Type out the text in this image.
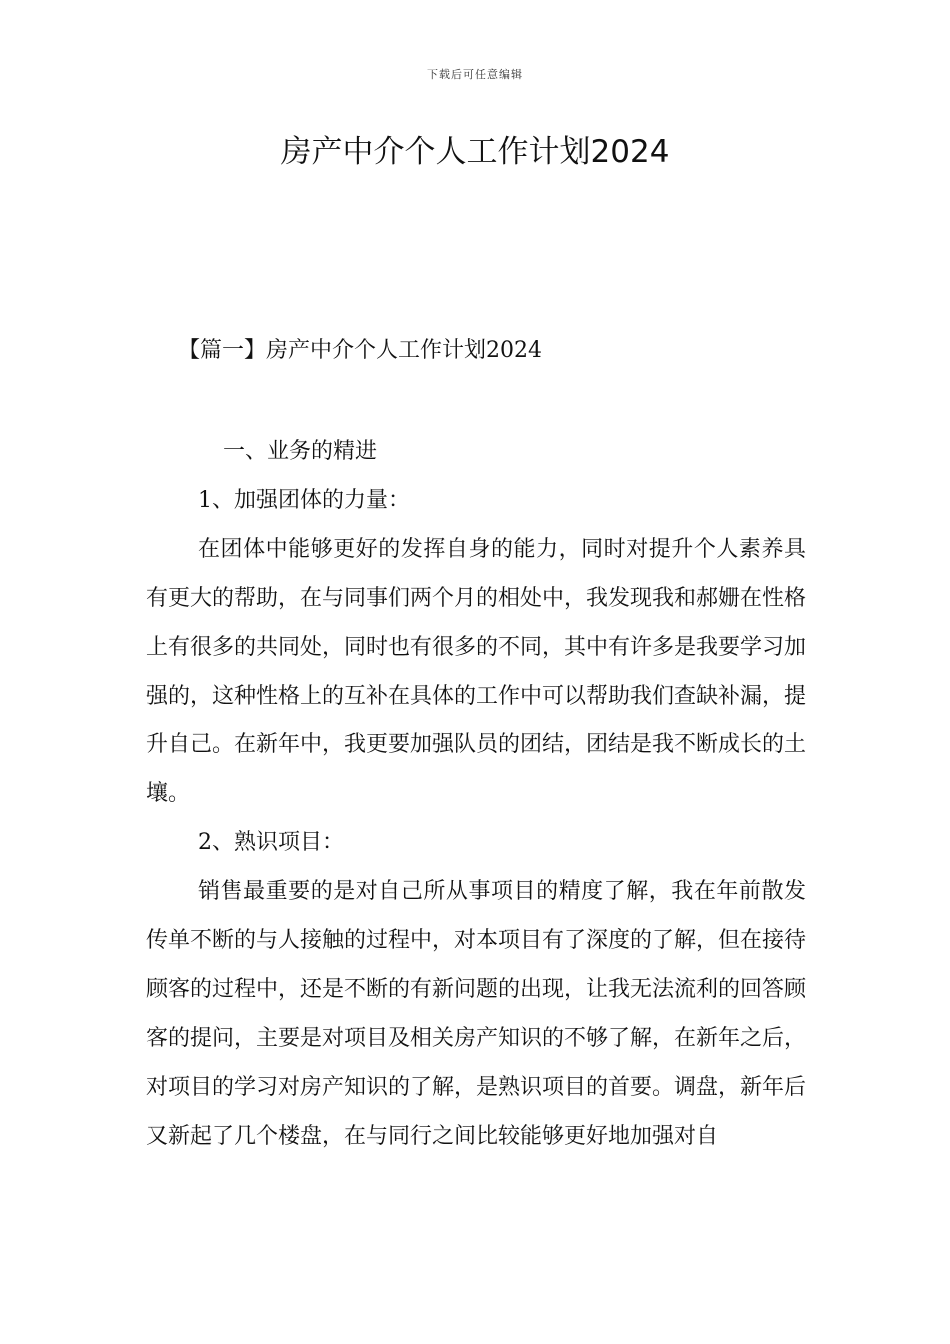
下载后可任意编辑
房产中介个人工作计划2024
【篇一】房产中介个人工作计划2024

一、业务的精进

1、加强团体的力量：

在团体中能够更好的发挥自身的能力，同时对提升个人素养具有更大的帮助，在与同事们两个月的相处中，我发现我和郝姗在性格上有很多的共同处，同时也有很多的不同，其中有许多是我要学习加强的，这种性格上的互补在具体的工作中可以帮助我们查缺补漏，提升自己。在新年中，我更要加强队员的团结，团结是我不断成长的土壤。

2、熟识项目：

销售最重要的是对自己所从事项目的精度了解，我在年前散发传单不断的与人接触的过程中，对本项目有了深度的了解，但在接待顾客的过程中，还是不断的有新问题的出现，让我无法流利的回答顾客的提问，主要是对项目及相关房产知识的不够了解，在新年之后，对项目的学习对房产知识的了解，是熟识项目的首要。调盘，新年后又新起了几个楼盘，在与同行之间比较能够更好地加强对自
